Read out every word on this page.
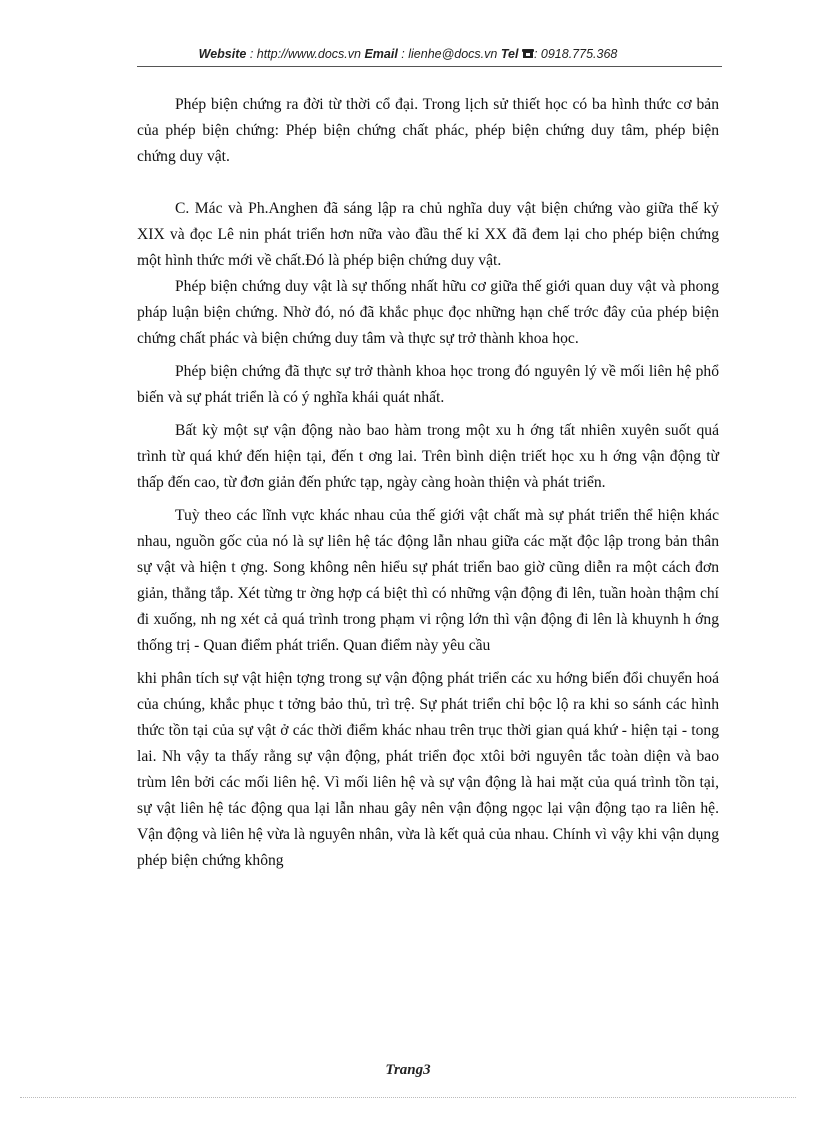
Website : http://www.docs.vn Email : lienhe@docs.vn Tel : 0918.775.368

Phép biện chứng ra đời từ thời cổ đại. Trong lịch sử thiết học có ba hình thức cơ bản của phép biện chứng: Phép biện chứng chất phác, phép biện chứng duy tâm, phép biện chứng duy vật.

C. Mác và Ph.Anghen đã sáng lập ra chủ nghĩa duy vật biện chứng vào giữa thế kỷ XIX và đọc Lê nin phát triển hơn nữa vào đầu thế kỉ XX đã đem lại cho phép biện chứng một hình thức mới về chất.Đó là phép biện chứng duy vật.

Phép biện chứng duy vật là sự thống nhất hữu cơ giữa thế giới quan duy vật và phong pháp luận biện chứng. Nhờ đó, nó đã khắc phục đọc những hạn chế trớc đây của phép biện chứng chất phác và biện chứng duy tâm và thực sự trở thành khoa học.

Phép biện chứng đã thực sự trở thành khoa học trong đó nguyên lý về mối liên hệ phổ biến và sự phát triển là có ý nghĩa khái quát nhất.

Bất kỳ một sự vận động nào bao hàm trong một xu h ớng tất nhiên xuyên suốt quá trình từ quá khứ đến hiện tại, đến t ơng lai. Trên bình diện triết học xu h ớng vận động từ thấp đến cao, từ đơn giản đến phức tạp, ngày càng hoàn thiện và phát triển.

Tuỳ theo các lĩnh vực khác nhau của thế giới vật chất mà sự phát triển thể hiện khác nhau, nguồn gốc của nó là sự liên hệ tác động lẫn nhau giữa các mặt độc lập trong bản thân sự vật và hiện t ợng. Song không nên hiểu sự phát triển bao giờ cũng diễn ra một cách đơn giản, thẳng tắp. Xét từng tr ờng hợp cá biệt thì có những vận động đi lên, tuần hoàn thậm chí đi xuống, nh ng xét cả quá trình trong phạm vi rộng lớn thì vận động đi lên là khuynh h ớng thống trị - Quan điểm phát triển. Quan điểm này yêu cầu

khi phân tích sự vật hiện tợng trong sự vận động phát triển các xu hớng biến đổi chuyển hoá của chúng, khắc phục t tởng bảo thủ, trì trệ. Sự phát triển chỉ bộc lộ ra khi so sánh các hình thức tồn tại của sự vật ở các thời điểm khác nhau trên trục thời gian quá khứ - hiện tại - tong lai. Nh vậy ta thấy rằng sự vận động, phát triển đọc xtôi bởi nguyên tắc toàn diện và bao trùm lên bởi các mối liên hệ. Vì mối liên hệ và sự vận động là hai mặt của quá trình tồn tại, sự vật liên hệ tác động qua lại lẫn nhau gây nên vận động ngọc lại vận động tạo ra liên hệ. Vận động và liên hệ vừa là nguyên nhân, vừa là kết quả của nhau. Chính vì vậy khi vận dụng phép biện chứng không

Trang3
